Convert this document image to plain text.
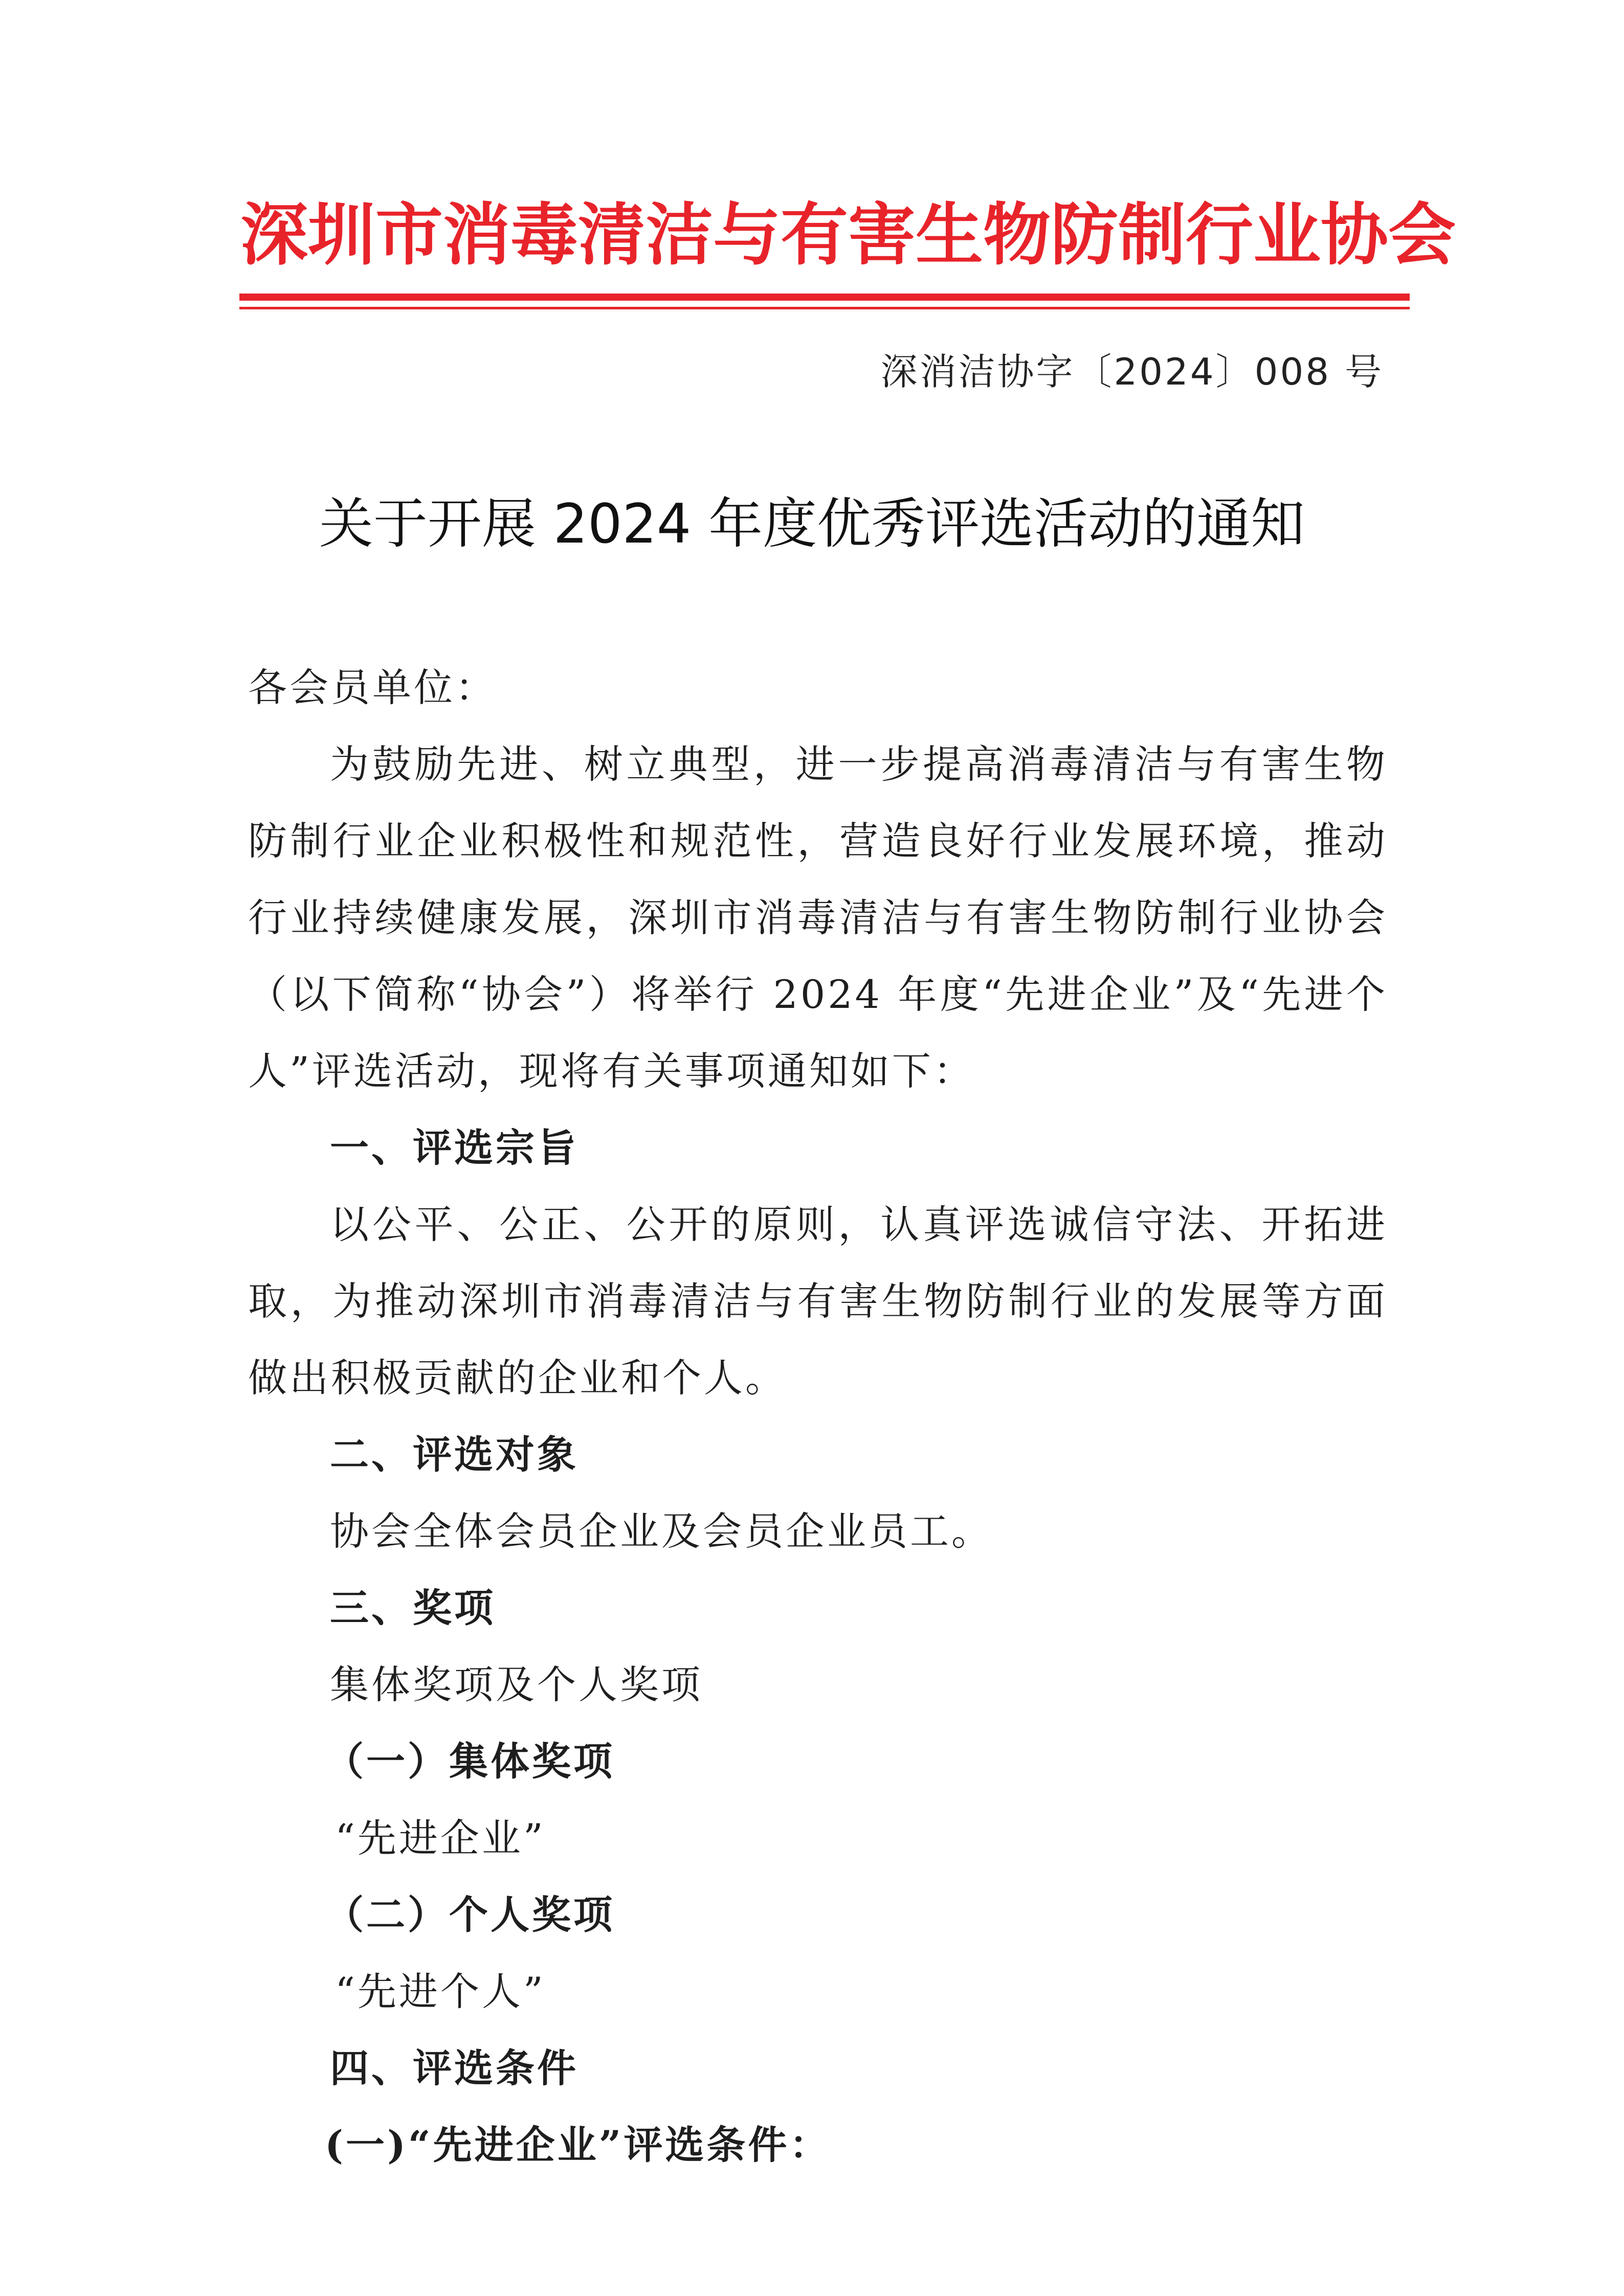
深圳市消毒清洁与有害生物防制行业协会
深消洁协字〔2024〕008 号
关于开展 2024 年度优秀评选活动的通知

各会员单位：

为鼓励先进、树立典型，进一步提高消毒清洁与有害生物防制行业企业积极性和规范性，营造良好行业发展环境，推动行业持续健康发展，深圳市消毒清洁与有害生物防制行业协会（以下简称“协会”）将举行 2024 年度“先进企业”及“先进个人”评选活动，现将有关事项通知如下：

一、评选宗旨

以公平、公正、公开的原则，认真评选诚信守法、开拓进取，为推动深圳市消毒清洁与有害生物防制行业的发展等方面做出积极贡献的企业和个人。

二、评选对象

协会全体会员企业及会员企业员工。

三、奖项

集体奖项及个人奖项

（一）集体奖项

“先进企业”

（二）个人奖项

“先进个人”

四、评选条件

(一)“先进企业”评选条件：
